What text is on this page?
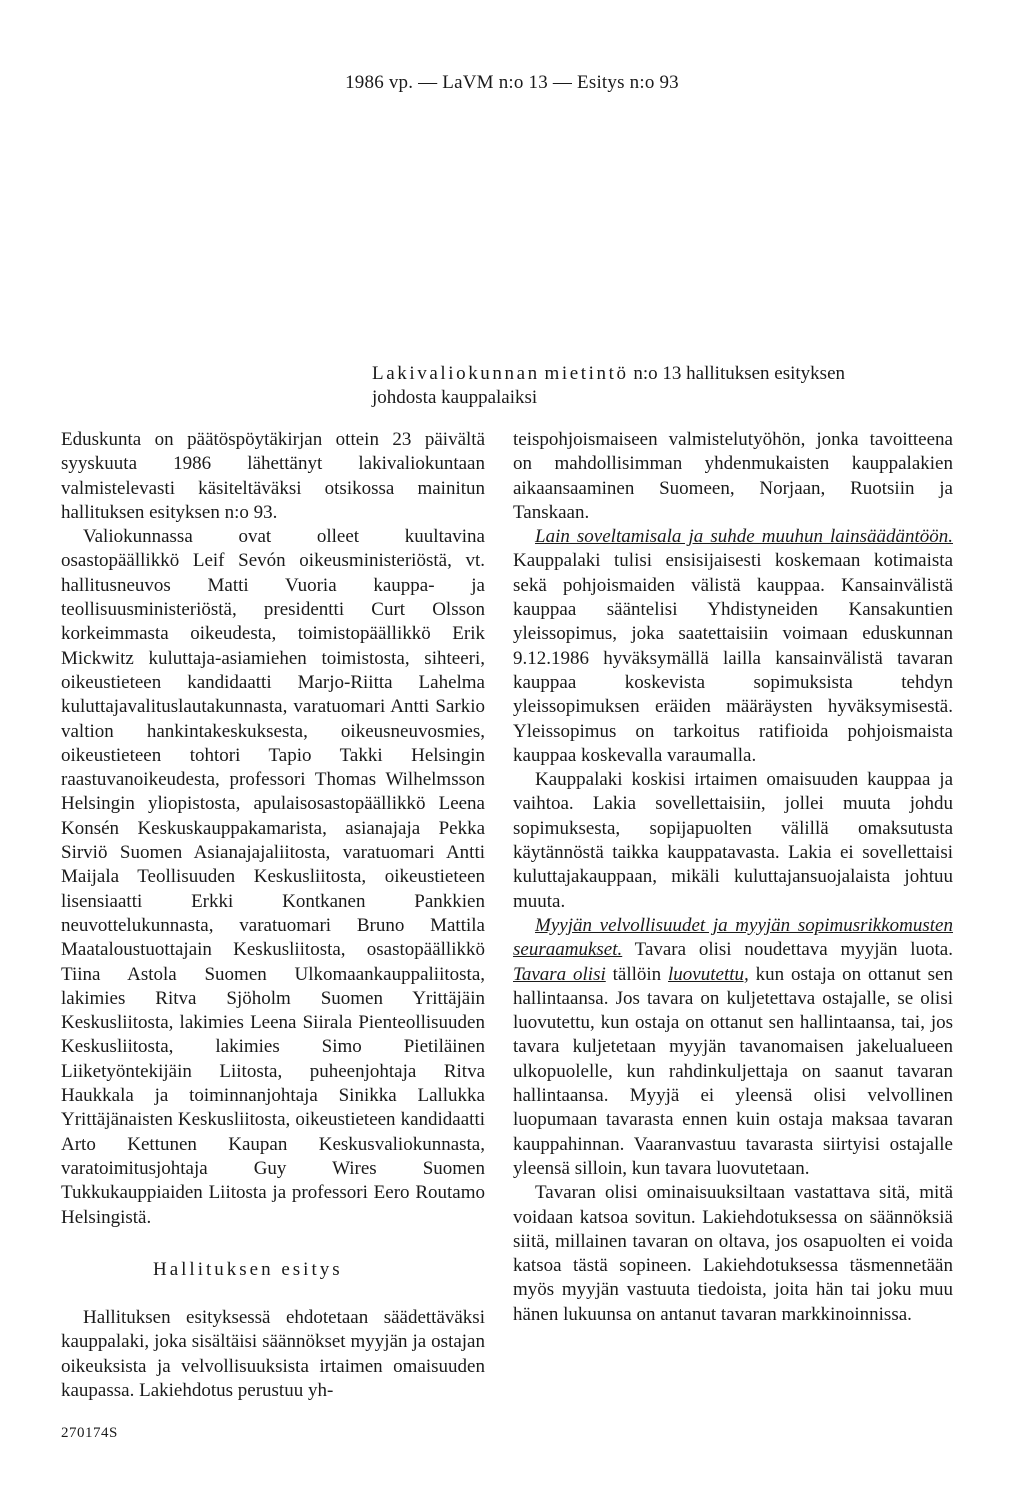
1986 vp. — LaVM n:o 13 — Esitys n:o 93
Lakivaliokunnan mietintö n:o 13 hallituksen esityksen
johdosta kauppalaiksi

Eduskunta on päätöspöytäkirjan ottein 23 päivältä syyskuuta 1986 lähettänyt lakivaliokuntaan valmistelevasti käsiteltäväksi otsikossa mainitun hallituksen esityksen n:o 93.

Valiokunnassa ovat olleet kuultavina osastopäällikkö Leif Sevón oikeusministeriöstä, vt. hallitusneuvos Matti Vuoria kauppa- ja teollisuusministeriöstä, presidentti Curt Olsson korkeimmasta oikeudesta, toimistopäällikkö Erik Mickwitz kuluttaja-asiamiehen toimistosta, sihteeri, oikeustieteen kandidaatti Marjo-Riitta Lahelma kuluttajavalituslautakunnasta, varatuomari Antti Sarkio valtion hankintakeskuksesta, oikeusneuvosmies, oikeustieteen tohtori Tapio Takki Helsingin raastuvanoikeudesta, professori Thomas Wilhelmsson Helsingin yliopistosta, apulaisosastopäällikkö Leena Konsén Keskuskauppakamarista, asianajaja Pekka Sirviö Suomen Asianajajaliitosta, varatuomari Antti Maijala Teollisuuden Keskusliitosta, oikeustieteen lisensiaatti Erkki Kontkanen Pankkien neuvottelukunnasta, varatuomari Bruno Mattila Maataloustuottajain Keskusliitosta, osastopäällikkö Tiina Astola Suomen Ulkomaankauppaliitosta, lakimies Ritva Sjöholm Suomen Yrittäjäin Keskusliitosta, lakimies Leena Siirala Pienteollisuuden Keskusliitosta, lakimies Simo Pietiläinen Liiketyöntekijäin Liitosta, puheenjohtaja Ritva Haukkala ja toiminnanjohtaja Sinikka Lallukka Yrittäjänaisten Keskusliitosta, oikeustieteen kandidaatti Arto Kettunen Kaupan Keskusvaliokunnasta, varatoimitusjohtaja Guy Wires Suomen Tukkukauppiaiden Liitosta ja professori Eero Routamo Helsingistä.

Hallituksen esitys

Hallituksen esityksessä ehdotetaan säädettäväksi kauppalaki, joka sisältäisi säännökset myyjän ja ostajan oikeuksista ja velvollisuuksista irtaimen omaisuuden kaupassa. Lakiehdotus perustuu yh-

teispohjoismaiseen valmistelutyöhön, jonka tavoitteena on mahdollisimman yhdenmukaisten kauppalakien aikaansaaminen Suomeen, Norjaan, Ruotsiin ja Tanskaan.

Lain soveltamisala ja suhde muuhun lainsäädäntöön. Kauppalaki tulisi ensisijaisesti koskemaan kotimaista sekä pohjoismaiden välistä kauppaa. Kansainvälistä kauppaa sääntelisi Yhdistyneiden Kansakuntien yleissopimus, joka saatettaisiin voimaan eduskunnan 9.12.1986 hyväksymällä lailla kansainvälistä tavaran kauppaa koskevista sopimuksista tehdyn yleissopimuksen eräiden määräysten hyväksymisestä. Yleissopimus on tarkoitus ratifioida pohjoismaista kauppaa koskevalla varaumalla.

Kauppalaki koskisi irtaimen omaisuuden kauppaa ja vaihtoa. Lakia sovellettaisiin, jollei muuta johdu sopimuksesta, sopijapuolten välillä omaksutusta käytännöstä taikka kauppatavasta. Lakia ei sovellettaisi kuluttajakauppaan, mikäli kuluttajansuojalaista johtuu muuta.

Myyjän velvollisuudet ja myyjän sopimusrikkomusten seuraamukset. Tavara olisi noudettava myyjän luota. Tavara olisi tällöin luovutettu, kun ostaja on ottanut sen hallintaansa. Jos tavara on kuljetettava ostajalle, se olisi luovutettu, kun ostaja on ottanut sen hallintaansa, tai, jos tavara kuljetetaan myyjän tavanomaisen jakelualueen ulkopuolelle, kun rahdinkuljettaja on saanut tavaran hallintaansa. Myyjä ei yleensä olisi velvollinen luopumaan tavarasta ennen kuin ostaja maksaa tavaran kauppahinnan. Vaaranvastuu tavarasta siirtyisi ostajalle yleensä silloin, kun tavara luovutetaan.

Tavaran olisi ominaisuuksiltaan vastattava sitä, mitä voidaan katsoa sovitun. Lakiehdotuksessa on säännöksiä siitä, millainen tavaran on oltava, jos osapuolten ei voida katsoa tästä sopineen. Lakiehdotuksessa täsmennetään myös myyjän vastuuta tiedoista, joita hän tai joku muu hänen lukuunsa on antanut tavaran markkinoinnissa.

270174S
